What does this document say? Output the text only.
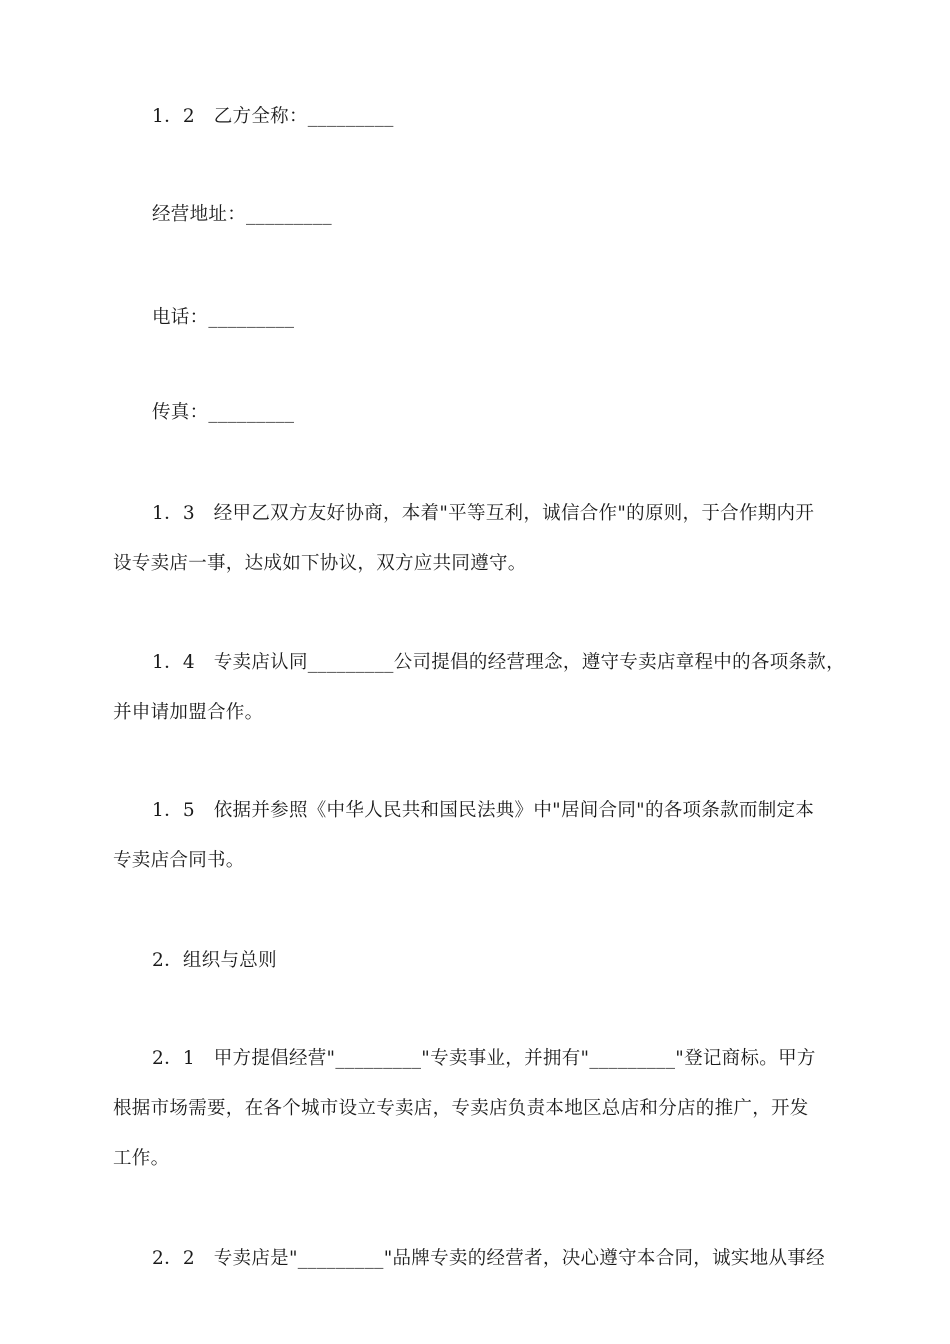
1．2　乙方全称：_________
经营地址：_________
电话：_________
传真：_________
1．3　经甲乙双方友好协商，本着"平等互利，诚信合作"的原则，于合作期内开
设专卖店一事，达成如下协议，双方应共同遵守。
1．4　专卖店认同_________公司提倡的经营理念，遵守专卖店章程中的各项条款，
并申请加盟合作。
1．5　依据并参照《中华人民共和国民法典》中"居间合同"的各项条款而制定本
专卖店合同书。
2．组织与总则
2．1　甲方提倡经营"_________"专卖事业，并拥有"_________"登记商标。甲方
根据市场需要，在各个城市设立专卖店，专卖店负责本地区总店和分店的推广，开发
工作。
2．2　专卖店是"_________"品牌专卖的经营者，决心遵守本合同，诚实地从事经
